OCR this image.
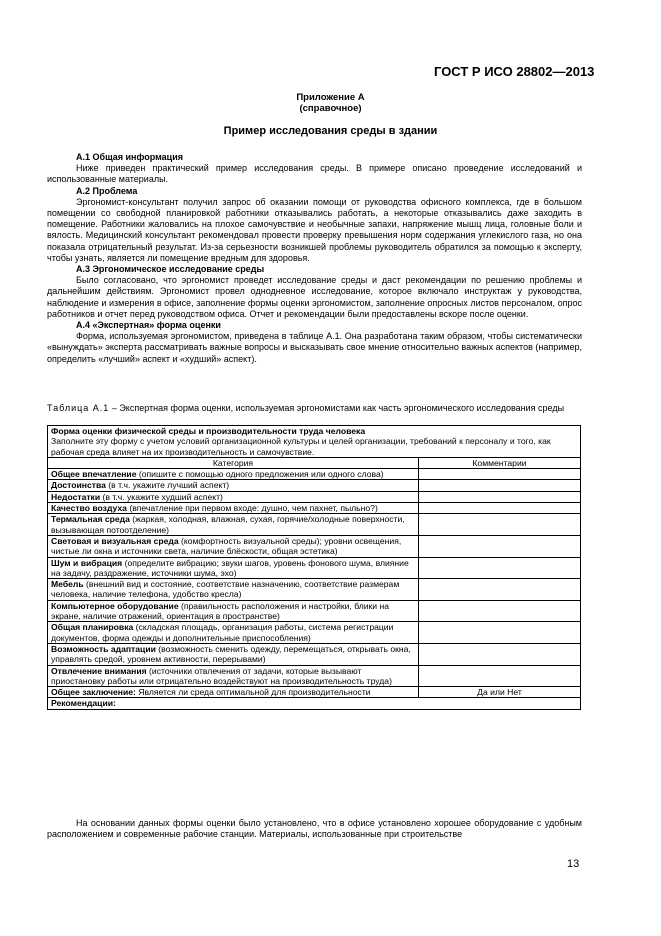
ГОСТ Р ИСО 28802—2013
Приложение А
(справочное)
Пример исследования среды в здании
А.1 Общая информация

Ниже приведен практический пример исследования среды. В примере описано проведение исследований и использованные материалы.

А.2 Проблема

Эргономист-консультант получил запрос об оказании помощи от руководства офисного комплекса, где в большом помещении со свободной планировкой работники отказывались работать, а некоторые отказывались даже заходить в помещение. Работники жаловались на плохое самочувствие и необычные запахи, напряжение мышц лица, головные боли и вялость. Медицинский консультант рекомендовал провести проверку превышения норм содержания углекислого газа, но она показала отрицательный результат. Из-за серьезности возникшей проблемы руководитель обратился за помощью к эксперту, чтобы узнать, является ли помещение вредным для здоровья.

А.3 Эргономическое исследование среды

Было согласовано, что эргономист проведет исследование среды и даст рекомендации по решению проблемы и дальнейшим действиям. Эргономист провел однодневное исследование, которое включало инструктаж у руководства, наблюдение и измерения в офисе, заполнение формы оценки эргономистом, заполнение опросных листов персоналом, опрос работников и отчет перед руководством офиса. Отчет и рекомендации были предоставлены вскоре после оценки.

А.4 «Экспертная» форма оценки

Форма, используемая эргономистом, приведена в таблице А.1. Она разработана таким образом, чтобы систематически «вынуждать» эксперта рассматривать важные вопросы и высказывать свое мнение относительно важных аспектов (например, определить «лучший» аспект и «худший» аспект).

Таблица А.1 – Экспертная форма оценки, используемая эргономистами как часть эргономического исследования среды
Форма оценки физической среды и производительности труда человека
Заполните эту форму с учетом условий организационной культуры и целей организации, требований к персоналу и того, как рабочая среда влияет на их производительность и самочувствие.	

Категория	Комментарии
Общее впечатление (опишите с помощью одного предложения или одного слова)	
Достоинства (в т.ч. укажите лучший аспект)	
Недостатки (в т.ч. укажите худший аспект)	
Качество воздуха (впечатление при первом входе: душно, чем пахнет, пыльно?)	
Термальная среда (жаркая, холодная, влажная, сухая, горячие/холодные поверхности, вызывающая потоотделение)	
Световая и визуальная среда (комфортность визуальной среды); уровни освещения, чистые ли окна и источники света, наличие блёскости, общая эстетика)	
Шум и вибрация (определите вибрацию; звуки шагов, уровень фонового шума, влияние на задачу, раздражение, источники шума, эхо)	
Мебель (внешний вид и состояние, соответствие назначению, соответствие размерам человека, наличие телефона, удобство кресла)	
Компьютерное оборудование (правильность расположения и настройки, блики на экране, наличие отражений, ориентация в пространстве)	
Общая планировка (складская площадь, организация работы, система регистрации документов, форма одежды и дополнительные приспособления)	
Возможность адаптации (возможность сменить одежду, перемещаться, открывать окна, управлять средой, уровнем активности, перерывами)	
Отвлечение внимания (источники отвлечения от задачи, которые вызывают приостановку работы или отрицательно воздействуют на производительность труда)	
Общее заключение: Является ли среда оптимальной для производительности	Да или Нет
Рекомендации:	

На основании данных формы оценки было установлено, что в офисе установлено хорошее оборудование с удобным расположением и современные рабочие станции. Материалы, использованные при строительстве

13
